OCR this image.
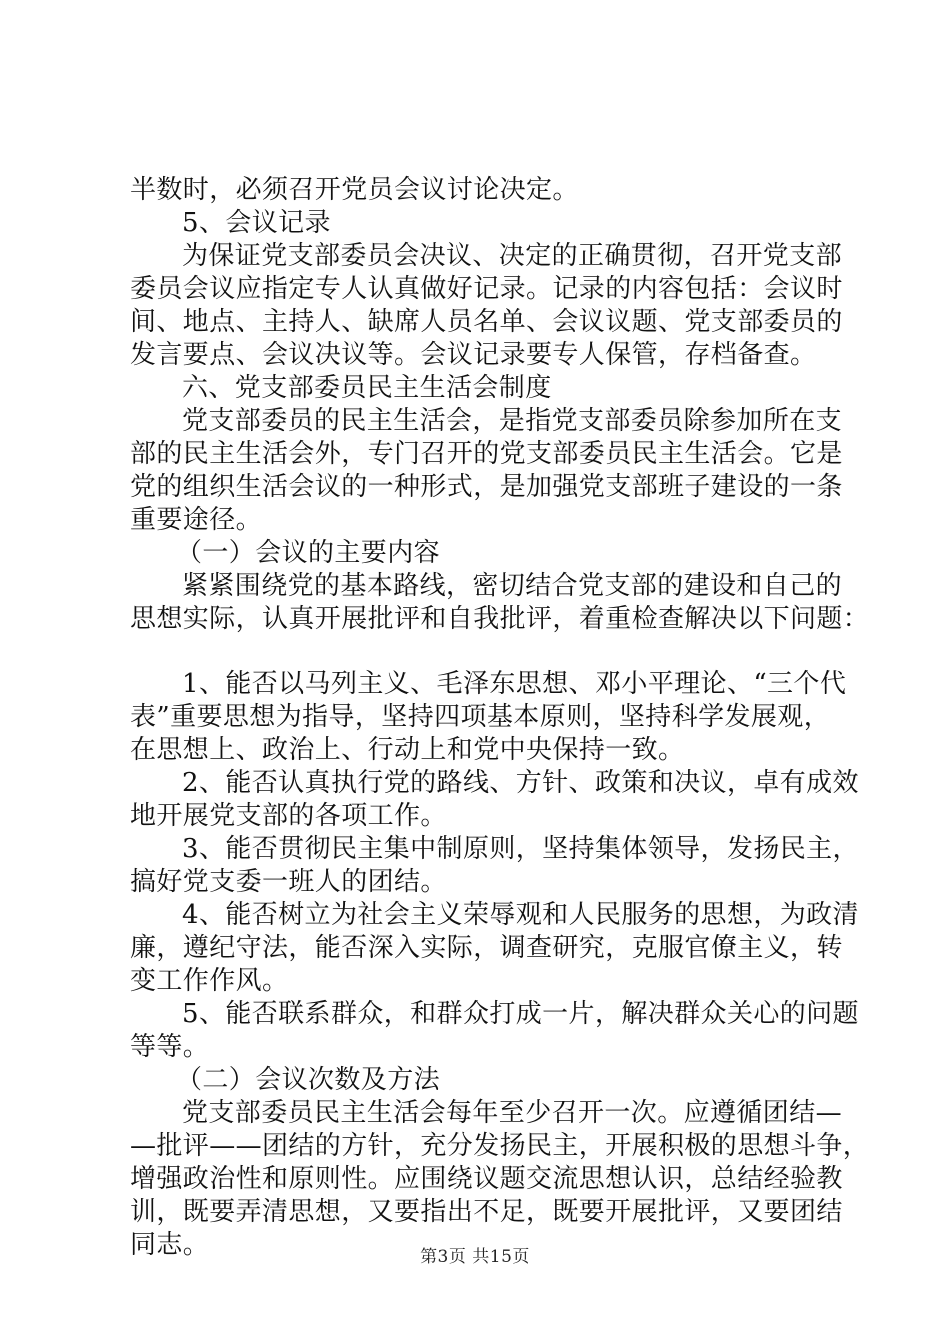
半数时，必须召开党员会议讨论决定。
5、会议记录
为保证党支部委员会决议、决定的正确贯彻，召开党支部
委员会议应指定专人认真做好记录。记录的内容包括：会议时
间、地点、主持人、缺席人员名单、会议议题、党支部委员的
发言要点、会议决议等。会议记录要专人保管，存档备查。
六、党支部委员民主生活会制度
党支部委员的民主生活会，是指党支部委员除参加所在支
部的民主生活会外，专门召开的党支部委员民主生活会。它是
党的组织生活会议的一种形式，是加强党支部班子建设的一条
重要途径。
（一）会议的主要内容
紧紧围绕党的基本路线，密切结合党支部的建设和自己的
思想实际，认真开展批评和自我批评，着重检查解决以下问题：
1、能否以马列主义、毛泽东思想、邓小平理论、“三个代
表”重要思想为指导，坚持四项基本原则，坚持科学发展观，
在思想上、政治上、行动上和党中央保持一致。
2、能否认真执行党的路线、方针、政策和决议，卓有成效
地开展党支部的各项工作。
3、能否贯彻民主集中制原则，坚持集体领导，发扬民主，
搞好党支委一班人的团结。
4、能否树立为社会主义荣辱观和人民服务的思想，为政清
廉，遵纪守法，能否深入实际，调查研究，克服官僚主义，转
变工作作风。
5、能否联系群众，和群众打成一片，解决群众关心的问题
等等。
（二）会议次数及方法
党支部委员民主生活会每年至少召开一次。应遵循团结—
—批评——团结的方针，充分发扬民主，开展积极的思想斗争，
增强政治性和原则性。应围绕议题交流思想认识，总结经验教
训，既要弄清思想，又要指出不足，既要开展批评，又要团结
同志。	第3页 共15页
